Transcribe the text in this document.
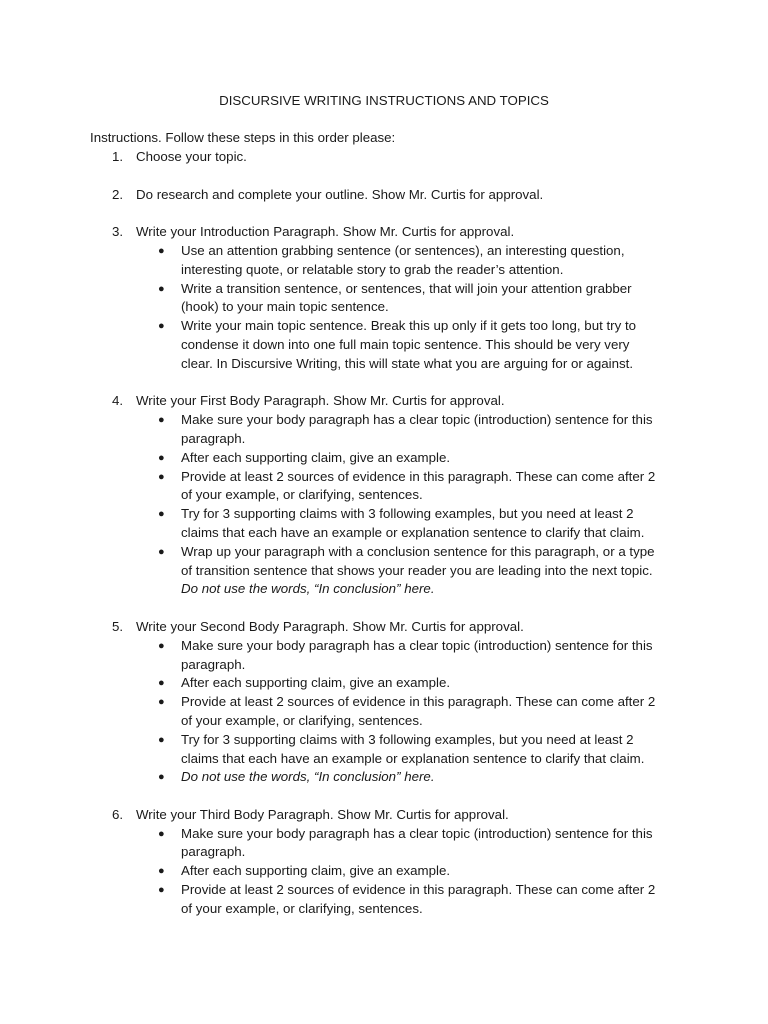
DISCURSIVE WRITING INSTRUCTIONS AND TOPICS
Instructions. Follow these steps in this order please:
1. Choose your topic.
2. Do research and complete your outline. Show Mr. Curtis for approval.
3. Write your Introduction Paragraph. Show Mr. Curtis for approval.
● Use an attention grabbing sentence (or sentences), an interesting question,
interesting quote, or relatable story to grab the reader’s attention.
● Write a transition sentence, or sentences, that will join your attention grabber
(hook) to your main topic sentence.
● Write your main topic sentence. Break this up only if it gets too long, but try to
condense it down into one full main topic sentence. This should be very very
clear. In Discursive Writing, this will state what you are arguing for or against.
4. Write your First Body Paragraph. Show Mr. Curtis for approval.
● Make sure your body paragraph has a clear topic (introduction) sentence for this
paragraph.
● After each supporting claim, give an example.
● Provide at least 2 sources of evidence in this paragraph. These can come after 2
of your example, or clarifying, sentences.
● Try for 3 supporting claims with 3 following examples, but you need at least 2
claims that each have an example or explanation sentence to clarify that claim.
● Wrap up your paragraph with a conclusion sentence for this paragraph, or a type
of transition sentence that shows your reader you are leading into the next topic.
Do not use the words, “In conclusion” here.
5. Write your Second Body Paragraph. Show Mr. Curtis for approval.
● Make sure your body paragraph has a clear topic (introduction) sentence for this
paragraph.
● After each supporting claim, give an example.
● Provide at least 2 sources of evidence in this paragraph. These can come after 2
of your example, or clarifying, sentences.
● Try for 3 supporting claims with 3 following examples, but you need at least 2
claims that each have an example or explanation sentence to clarify that claim.
● Do not use the words, “In conclusion” here.
6. Write your Third Body Paragraph. Show Mr. Curtis for approval.
● Make sure your body paragraph has a clear topic (introduction) sentence for this
paragraph.
● After each supporting claim, give an example.
● Provide at least 2 sources of evidence in this paragraph. These can come after 2
of your example, or clarifying, sentences.
